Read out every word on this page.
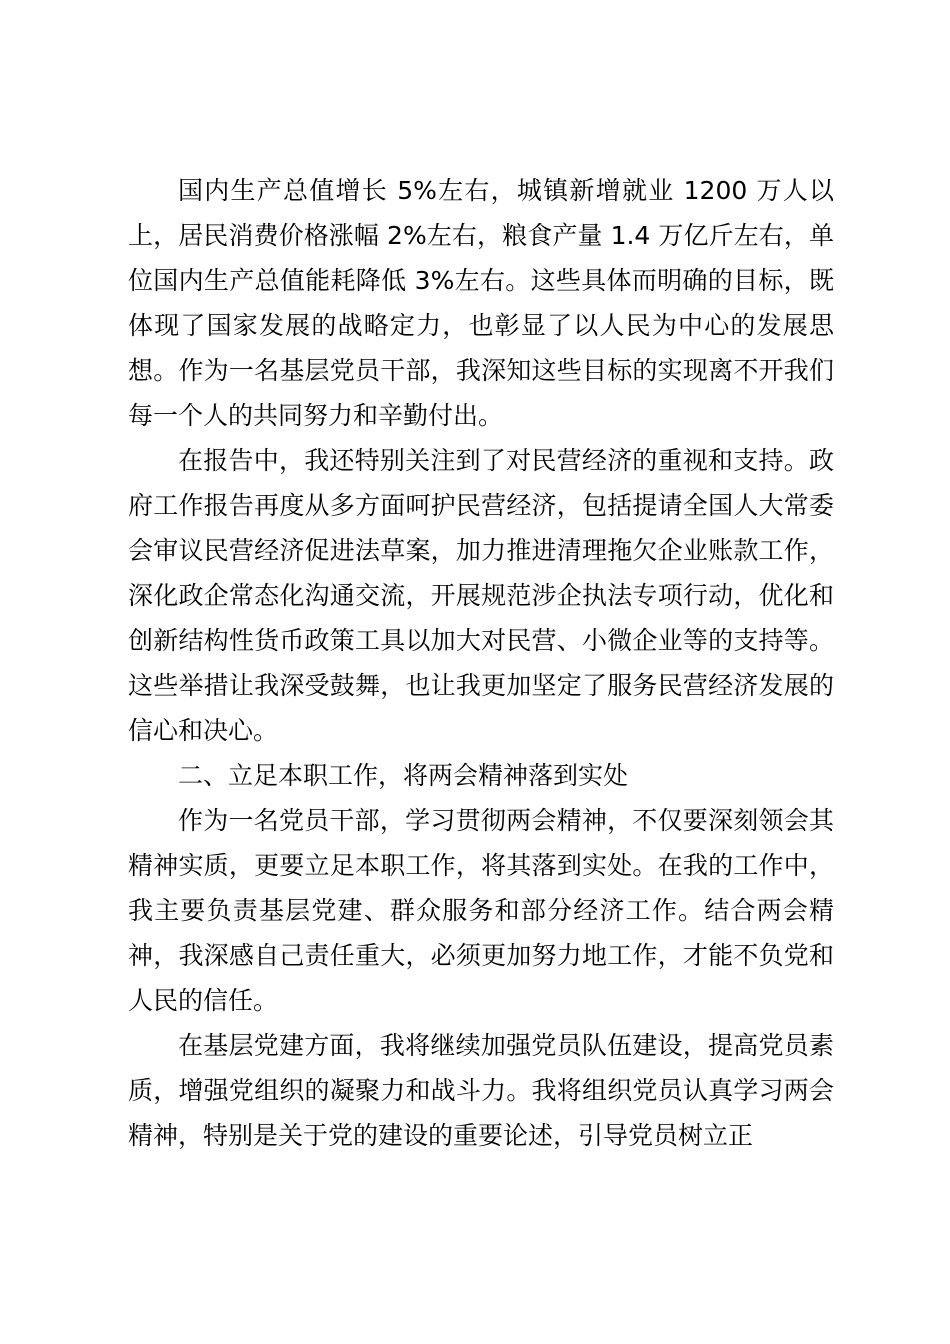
国内生产总值增长 5%左右，城镇新增就业 1200 万人以上，居民消费价格涨幅 2%左右，粮食产量 1.4 万亿斤左右，单位国内生产总值能耗降低 3%左右。这些具体而明确的目标，既体现了国家发展的战略定力，也彰显了以人民为中心的发展思想。作为一名基层党员干部，我深知这些目标的实现离不开我们每一个人的共同努力和辛勤付出。

在报告中，我还特别关注到了对民营经济的重视和支持。政府工作报告再度从多方面呵护民营经济，包括提请全国人大常委会审议民营经济促进法草案，加力推进清理拖欠企业账款工作，深化政企常态化沟通交流，开展规范涉企执法专项行动，优化和创新结构性货币政策工具以加大对民营、小微企业等的支持等。这些举措让我深受鼓舞，也让我更加坚定了服务民营经济发展的信心和决心。

二、立足本职工作，将两会精神落到实处

作为一名党员干部，学习贯彻两会精神，不仅要深刻领会其精神实质，更要立足本职工作，将其落到实处。在我的工作中，我主要负责基层党建、群众服务和部分经济工作。结合两会精神，我深感自己责任重大，必须更加努力地工作，才能不负党和人民的信任。

在基层党建方面，我将继续加强党员队伍建设，提高党员素质，增强党组织的凝聚力和战斗力。我将组织党员认真学习两会精神，特别是关于党的建设的重要论述，引导党员树立正
